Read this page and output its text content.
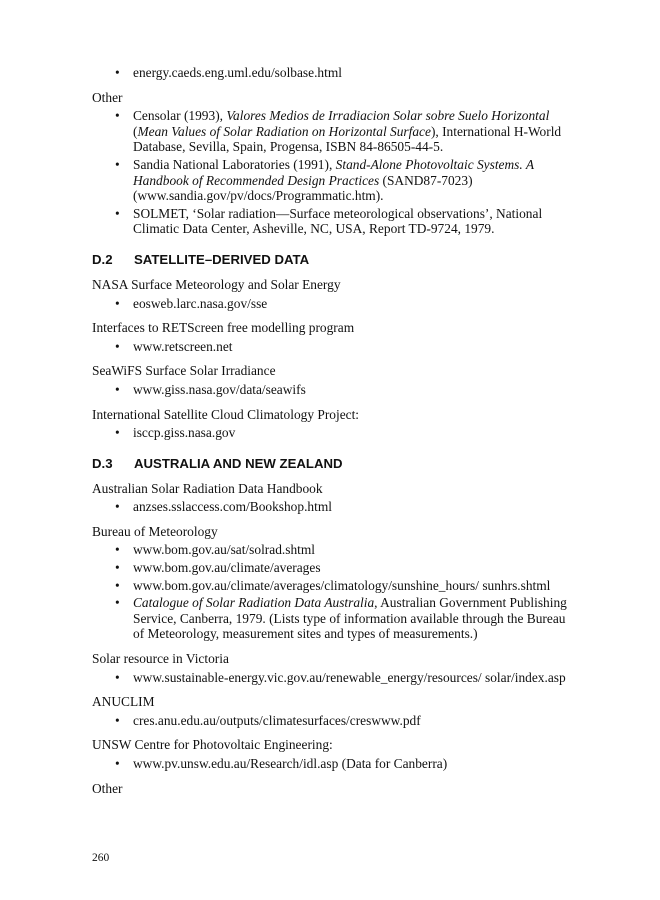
• energy.caeds.eng.uml.edu/solbase.html

Other

• Censolar (1993), Valores Medios de Irradiacion Solar sobre Suelo Horizontal (Mean Values of Solar Radiation on Horizontal Surface), International H-World Database, Sevilla, Spain, Progensa, ISBN 84-86505-44-5.
• Sandia National Laboratories (1991), Stand-Alone Photovoltaic Systems. A Handbook of Recommended Design Practices (SAND87-7023) (www.sandia.gov/pv/docs/Programmatic.htm).
• SOLMET, ‘Solar radiation—Surface meteorological observations’, National Climatic Data Center, Asheville, NC, USA, Report TD-9724, 1979.
D.2	SATELLITE–DERIVED DATA

NASA Surface Meteorology and Solar Energy

• eosweb.larc.nasa.gov/sse

Interfaces to RETScreen free modelling program

• www.retscreen.net

SeaWiFS Surface Solar Irradiance

• www.giss.nasa.gov/data/seawifs

International Satellite Cloud Climatology Project:

• isccp.giss.nasa.gov
D.3	AUSTRALIA AND NEW ZEALAND

Australian Solar Radiation Data Handbook

• anzses.sslaccess.com/Bookshop.html

Bureau of Meteorology

• www.bom.gov.au/sat/solrad.shtml
• www.bom.gov.au/climate/averages
• www.bom.gov.au/climate/averages/climatology/sunshine_hours/ sunhrs.shtml
• Catalogue of Solar Radiation Data Australia, Australian Government Publishing Service, Canberra, 1979. (Lists type of information available through the Bureau of Meteorology, measurement sites and types of measurements.)

Solar resource in Victoria

• www.sustainable-energy.vic.gov.au/renewable_energy/resources/ solar/index.asp

ANUCLIM

• cres.anu.edu.au/outputs/climatesurfaces/creswww.pdf

UNSW Centre for Photovoltaic Engineering:

• www.pv.unsw.edu.au/Research/idl.asp (Data for Canberra)

Other

260
